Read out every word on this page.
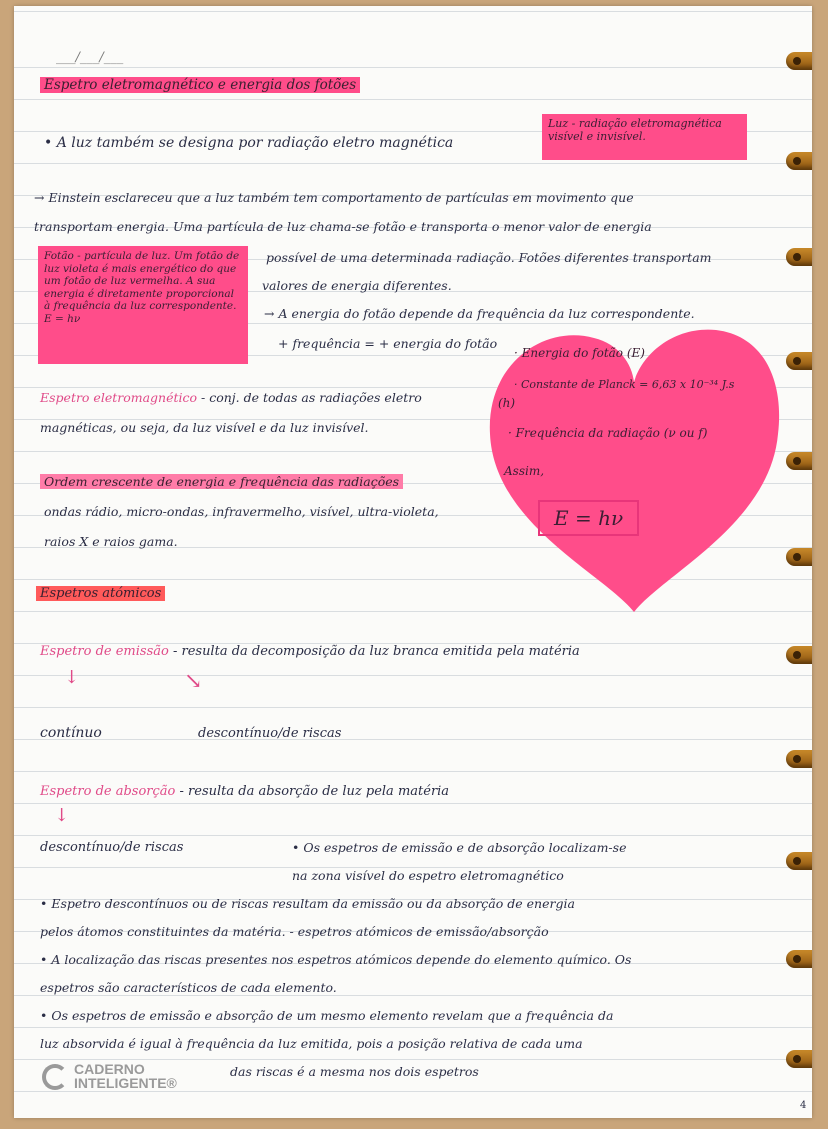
___/___/___
Espetro eletromagnético e energia dos fotões
Luz - radiação eletromagnética visível e invisível.
• A luz também se designa por radiação eletro magnética
→ Einstein esclareceu que a luz também tem comportamento de partículas em movimento que
transportam energia. Uma partícula de luz chama-se fotão e transporta o menor valor de energia
possível de uma determinada radiação. Fotões diferentes transportam
valores de energia diferentes.
Fotão - partícula de luz. Um fotão de luz violeta é mais energético do que um fotão de luz vermelha. A sua energia é diretamente proporcional à frequência da luz correspondente. E = hν	→ A energia do fotão depende da frequência da luz correspondente.
+ frequência = + energia do fotão
· Energia do fotão (E)
· Constante de Planck = 6,63 x 10⁻³⁴ J.s
(h)
· Frequência da radiação (ν ou f)
Assim,
E = hν
Espetro eletromagnético - conj. de todas as radiações eletro
magnéticas, ou seja, da luz visível e da luz invisível.
Ordem crescente de energia e frequência das radiações
ondas rádio, micro-ondas, infravermelho, visível, ultra-violeta,
raios X e raios gama.
Espetros atómicos
Espetro de emissão - resulta da decomposição da luz branca emitida pela matéria
↓	↘
contínuo	descontínuo/de riscas
Espetro de absorção - resulta da absorção de luz pela matéria
↓
descontínuo/de riscas	• Os espetros de emissão e de absorção localizam-se
na zona visível do espetro eletromagnético
• Espetro descontínuos ou de riscas resultam da emissão ou da absorção de energia
pelos átomos constituintes da matéria. - espetros atómicos de emissão/absorção
• A localização das riscas presentes nos espetros atómicos depende do elemento químico. Os
espetros são característicos de cada elemento.
• Os espetros de emissão e absorção de um mesmo elemento revelam que a frequência da
luz absorvida é igual à frequência da luz emitida, pois a posição relativa de cada uma
das riscas é a mesma nos dois espetros
CADERNO
INTELIGENTE®
4
